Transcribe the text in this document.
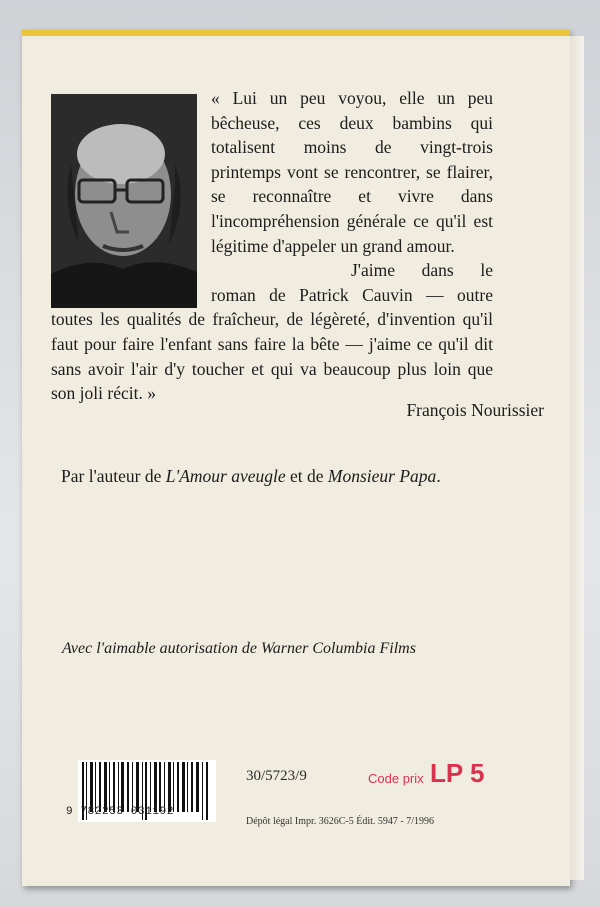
« Lui un peu voyou, elle un peu bêcheuse, ces deux bambins qui totalisent moins de vingt-trois printemps vont se rencontrer, se flairer, se reconnaître et vivre dans l'incompréhension générale ce qu'il est légitime d'appeler un grand amour.

J'aime dans le roman de Patrick Cauvin — outre toutes les qualités de fraîcheur, de légèreté, d'invention qu'il faut pour faire l'enfant sans faire la bête — j'aime ce qu'il dit sans avoir l'air d'y toucher et qui va beaucoup plus loin que son joli récit. »

François Nourissier
Par l'auteur de L'Amour aveugle et de Monsieur Papa.
Avec l'aimable autorisation de Warner Columbia Films
9 782253 031192
30/5723/9	Code prix LP 5
Dépôt légal Impr. 3626C-5 Édit. 5947 - 7/1996
